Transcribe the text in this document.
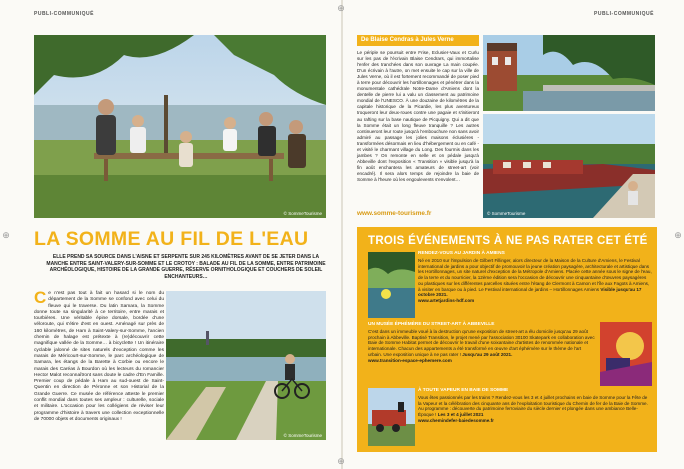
⊕
⊕
⊕	⊕
PUBLI-COMMUNIQUÉ	PUBLI-COMMUNIQUÉ
© SommeTourisme
LA SOMME AU FIL DE L'EAU
ELLE PREND SA SOURCE DANS L'AISNE ET SERPENTE SUR 245 KILOMÈTRES AVANT DE SE JETER DANS LA MANCHE ENTRE SAINT-VALERY-SUR-SOMME ET LE CROTOY : BALADE AU FIL DE LA SOMME, ENTRE PATRIMOINE ARCHÉOLOGIQUE, HISTOIRE DE LA GRANDE GUERRE, RÉSERVE ORNITHOLOGIQUE ET COUCHERS DE SOLEIL ENCHANTEURS…
Ce n'est pas tout à fait un hasard si le nom du département de la Somme se confond avec celui du fleuve qui le traverse. Du latin Samara, la Somme donne toute sa singularité à ce territoire, entre marais et tourbières. Une véritable épine dorsale, bordée d'une véloroute, qui s'étire d'est en ouest. Aménagé sur près de 160 kilomètres, de Ham à Saint-Valery-sur-Somme, l'ancien chemin de halage est prétexte à (re)découvrir cette magnifique vallée de la Somme… à bicyclette ! Un itinéraire cyclable jalonné de sites naturels d'exception comme les marais de Méricourt-sur-Somme, le parc archéologique de Samara, les étangs de la Barette à Corbie ou encore le marais des Caréas à Bourdon où les lecteurs du romancier Hector Malot reconnaîtront sans doute le cadre d'En Famille. Premier coup de pédale à Ham au sud-ouest de Saint-Quentin en direction de Péronne et son Historial de la Grande Guerre. Ce musée de référence atteste le premier conflit mondial dans toutes ses ampleur : culturelle, sociale et militaire. L'occasion pour les collégiens de réviser leur programme d'histoire à travers une collection exceptionnelle de 70000 objets et documents originaux !
© SommeTourisme
De Blaise Cendras à Jules Verne
Le périple se poursuit entre Frise, Eclusier-Vaux et Curlu sur les pas de l'écrivain Blaise Cendrars, qui immortalise l'enfer des tranchées dans son ouvrage La main coupée. D'un écrivain à l'autre, on met ensuite le cap sur la ville de Jules Verne, où il est fortement recommandé de poser pied à terre pour découvrir les hortillonnages et pénétrer dans la monumentale cathédrale Notre-Dame d'Amiens dont la dentelle de pierre lui a valu un classement au patrimoine mondial de l'UNESCO. À une douzaine de kilomètres de la capitale historique de la Picardie, les plus aventureux troqueront leur deux-roues contre une pagaie et s'initieront au rafting sur la base nautique de Picquigny. Qui a dit que la Somme était un long fleuve tranquille ? Les autres continueront leur route jusqu'à l'embouchure non sans avoir admiré au passage les jolies maisons éclusières - transformées désormais en lieu d'hébergement ou en café - et visité le charmant village du Long. Des fourmis dans les jambes ? On remonte en selle et on pédale jusqu'à Abbeville dont l'exposition « Transition » visible jusqu'à la fin août enchantera les amateurs de street-art (voir encadré). Il sera alors temps de rejoindre la baie de Somme à l'heure où les engoulevents s'envolent…
www.somme-tourisme.fr	© SommeTourisme
TROIS ÉVÉNEMENTS À NE PAS RATER CET ÉTÉ
RENDEZ-VOUS AU JARDIN À AMIENS
Né en 2010 sur l'impulsion de Gilbert Fillinger, alors directeur de la Maison de la Culture d'Amiens, le Festival international de jardins a pour objectif de promouvoir la jeune création paysagère, architecturale et artistique dans les Hortillonnages, un site naturel d'exception de la Métropole d'Amiens. Placée cette année sous le signe de l'eau, de la terre et du nourricier, la 12ème édition sera l'occasion de découvrir une cinquantaine d'œuvres paysagères ou plastiques sur les différentes parcelles situées entre l'étang de Clermont à Camon et l'île aux Fagots à Amiens, à visiter en barque ou à pied. Le Festival international de jardins – Hortillonnages Amiens Visible jusqu'au 17 octobre 2021.
www.artetjardins-hdf.com
UN MUSÉE ÉPHÉMÈRE DU STREET-ART À ABBEVILLE
C'est dans un immeuble voué à la destruction qu'une exposition de street-art a élu domicile jusqu'au 29 août prochain à Abbeville. Baptisé Transition, le projet mené par l'association 30100 Skatepark en collaboration avec Baie de Somme Habitat permet de découvrir le travail d'une soixantaine d'artistes de renommée nationale et internationale. Chacun des appartements a été transformé en œuvre d'art éphémère sur le thème de l'art urbain. Une exposition unique à ne pas rater ! Jusqu'au 29 août 2021.
www.transition-espace-ephemere.com
À TOUTE VAPEUR EN BAIE DE SOMME
Vous êtes passionnés par les trains ? Rendez-vous les 3 et 4 juillet prochains en baie de Somme pour la Fête de la Vapeur et la célébration des cinquante ans de l'exploitation touristique du Chemin de fer de la Baie de Somme. Au programme : découverte du patrimoine ferroviaire du siècle dernier et plongée dans une ambiance Belle-Époque ! Les 3 et 4 juillet 2021
www.chemindefer-baiedesomme.fr
